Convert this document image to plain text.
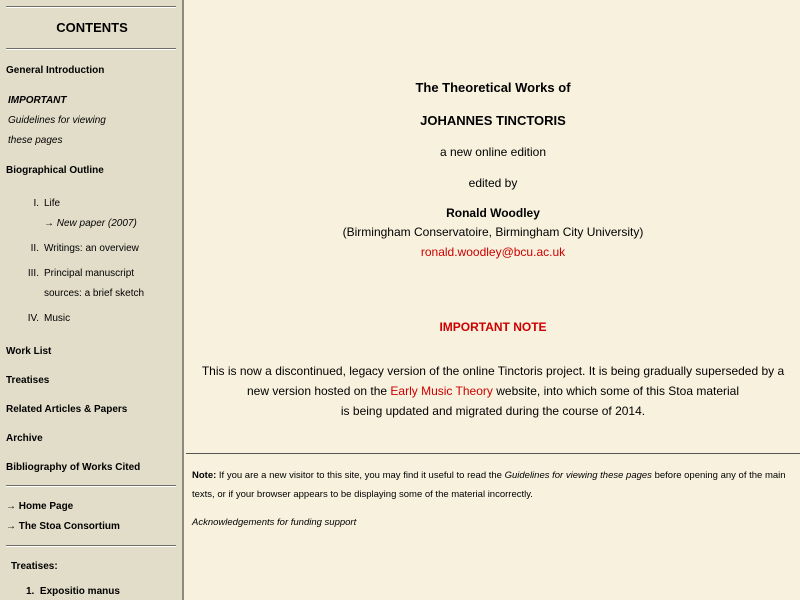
CONTENTS
General Introduction
IMPORTANT
Guidelines for viewing
these pages
Biographical Outline
I. Life
→ New paper (2007)
II. Writings: an overview
III. Principal manuscript
sources: a brief sketch
IV. Music
Work List
Treatises
Related Articles & Papers
Archive
Bibliography of Works Cited
→ Home Page
→ The Stoa Consortium
Treatises:
1.  Expositio manus
The Theoretical Works of
JOHANNES TINCTORIS
a new online edition
edited by
Ronald Woodley
(Birmingham Conservatoire, Birmingham City University)
ronald.woodley@bcu.ac.uk
IMPORTANT NOTE
This is now a discontinued, legacy version of the online Tinctoris project. It is being gradually superseded by a new version hosted on the Early Music Theory website, into which some of this Stoa material
is being updated and migrated during the course of 2014.
Note: If you are a new visitor to this site, you may find it useful to read the Guidelines for viewing these pages before opening any of the main texts, or if your browser appears to be displaying some of the material incorrectly.
Acknowledgements for funding support
